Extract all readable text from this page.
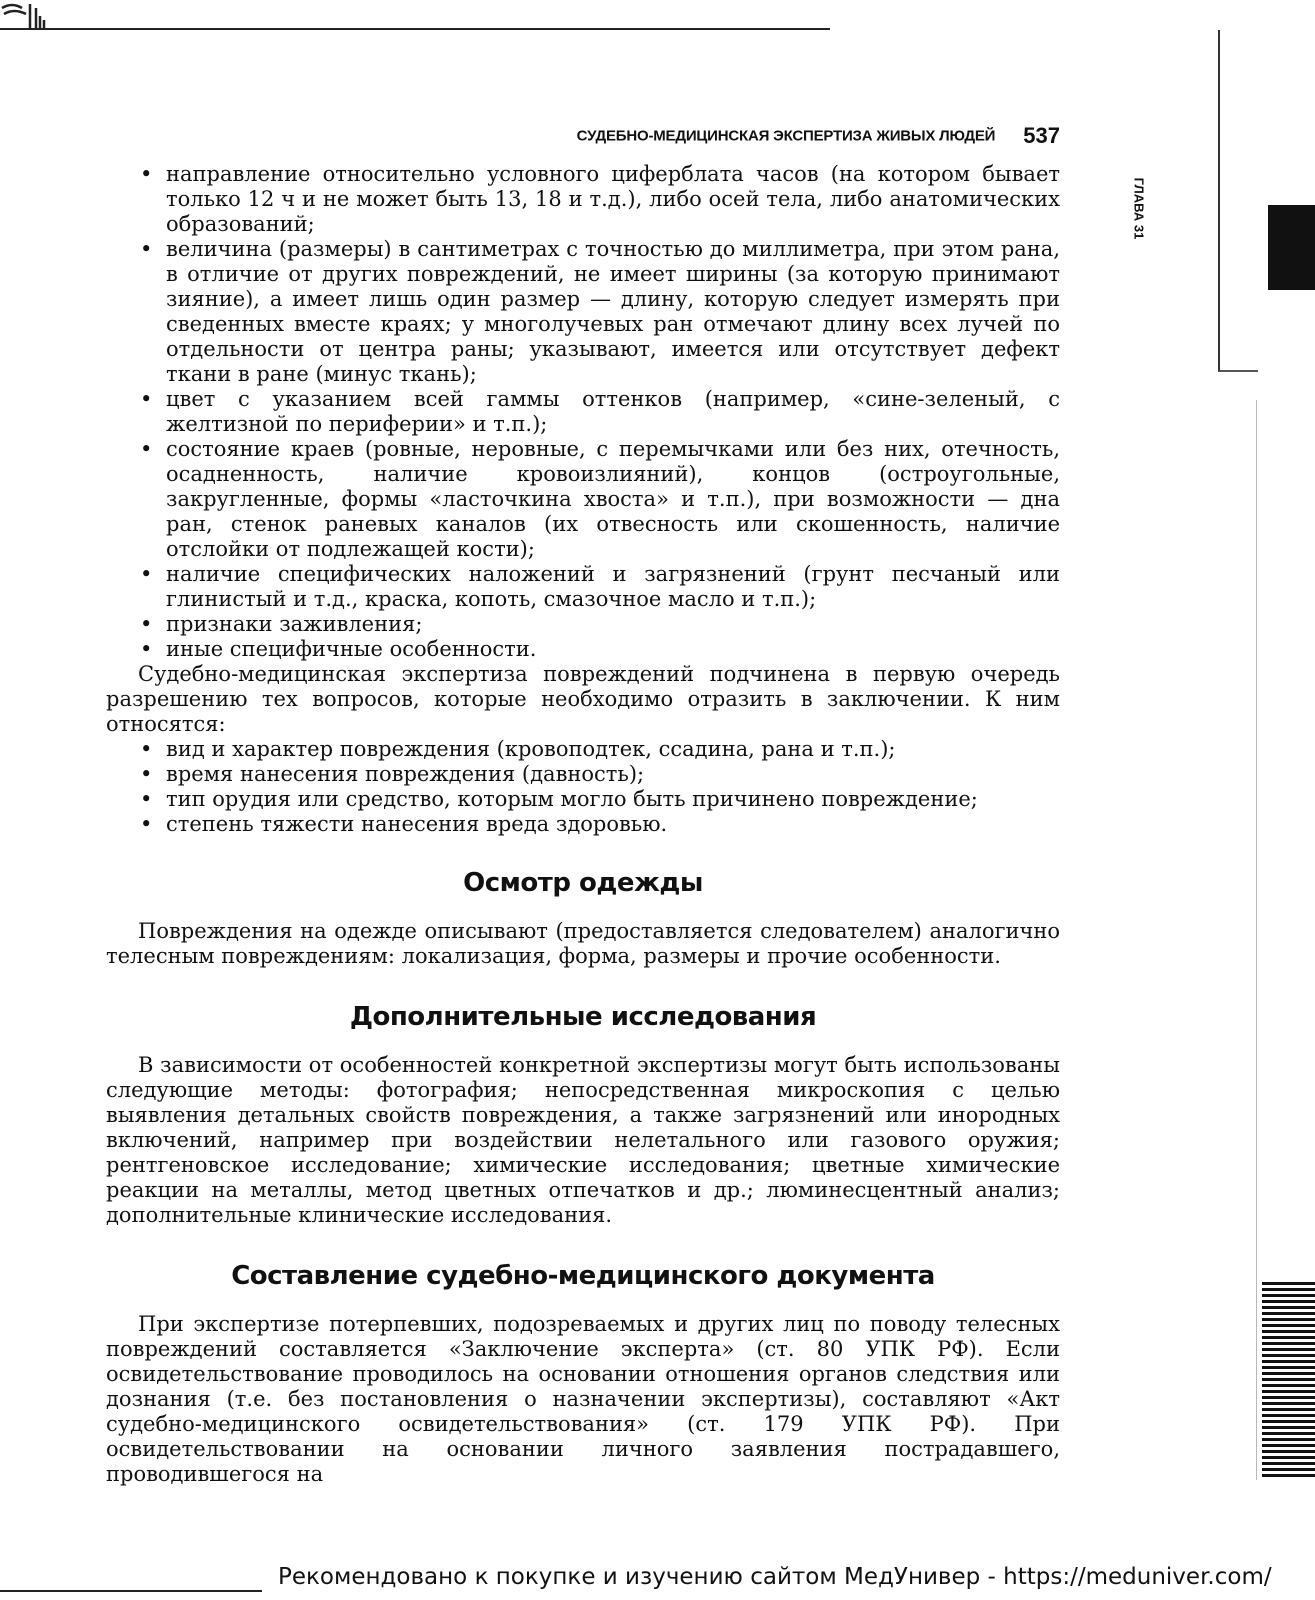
СУДЕБНО-МЕДИЦИНСКАЯ ЭКСПЕРТИЗА ЖИВЫХ ЛЮДЕЙ 537
ГЛАВА 31
• направление относительно условного циферблата часов (на котором бывает только 12 ч и не может быть 13, 18 и т.д.), либо осей тела, либо анатомических образований;
• величина (размеры) в сантиметрах с точностью до миллиметра, при этом рана, в отличие от других повреждений, не имеет ширины (за которую принимают зияние), а имеет лишь один размер — длину, которую следует измерять при сведенных вместе краях; у многолучевых ран отмечают длину всех лучей по отдельности от центра раны; указывают, имеется или отсутствует дефект ткани в ране (минус ткань);
• цвет с указанием всей гаммы оттенков (например, «сине-зеленый, с желтизной по периферии» и т.п.);
• состояние краев (ровные, неровные, с перемычками или без них, отечность, осадненность, наличие кровоизлияний), концов (остроугольные, закругленные, формы «ласточкина хвоста» и т.п.), при возможности — дна ран, стенок раневых каналов (их отвесность или скошенность, наличие отслойки от подлежащей кости);
• наличие специфических наложений и загрязнений (грунт песчаный или глинистый и т.д., краска, копоть, смазочное масло и т.п.);
• признаки заживления;
• иные специфичные особенности.

Судебно-медицинская экспертиза повреждений подчинена в первую очередь разрешению тех вопросов, которые необходимо отразить в заключении. К ним относятся:

• вид и характер повреждения (кровоподтек, ссадина, рана и т.п.);
• время нанесения повреждения (давность);
• тип орудия или средство, которым могло быть причинено повреждение;
• степень тяжести нанесения вреда здоровью.
Осмотр одежды

Повреждения на одежде описывают (предоставляется следователем) аналогично телесным повреждениям: локализация, форма, размеры и прочие особенности.

Дополнительные исследования

В зависимости от особенностей конкретной экспертизы могут быть использованы следующие методы: фотография; непосредственная микроскопия с целью выявления детальных свойств повреждения, а также загрязнений или инородных включений, например при воздействии нелетального или газового оружия; рентгеновское исследование; химические исследования; цветные химические реакции на металлы, метод цветных отпечатков и др.; люминесцентный анализ; дополнительные клинические исследования.

Составление судебно-медицинского документа

При экспертизе потерпевших, подозреваемых и других лиц по поводу телесных повреждений составляется «Заключение эксперта» (ст. 80 УПК РФ). Если освидетельствование проводилось на основании отношения органов следствия или дознания (т.е. без постановления о назначении экспертизы), составляют «Акт судебно-медицинского освидетельствования» (ст. 179 УПК РФ). При освидетельствовании на основании личного заявления пострадавшего, проводившегося на

Рекомендовано к покупке и изучению сайтом МедУнивер - https://meduniver.com/
